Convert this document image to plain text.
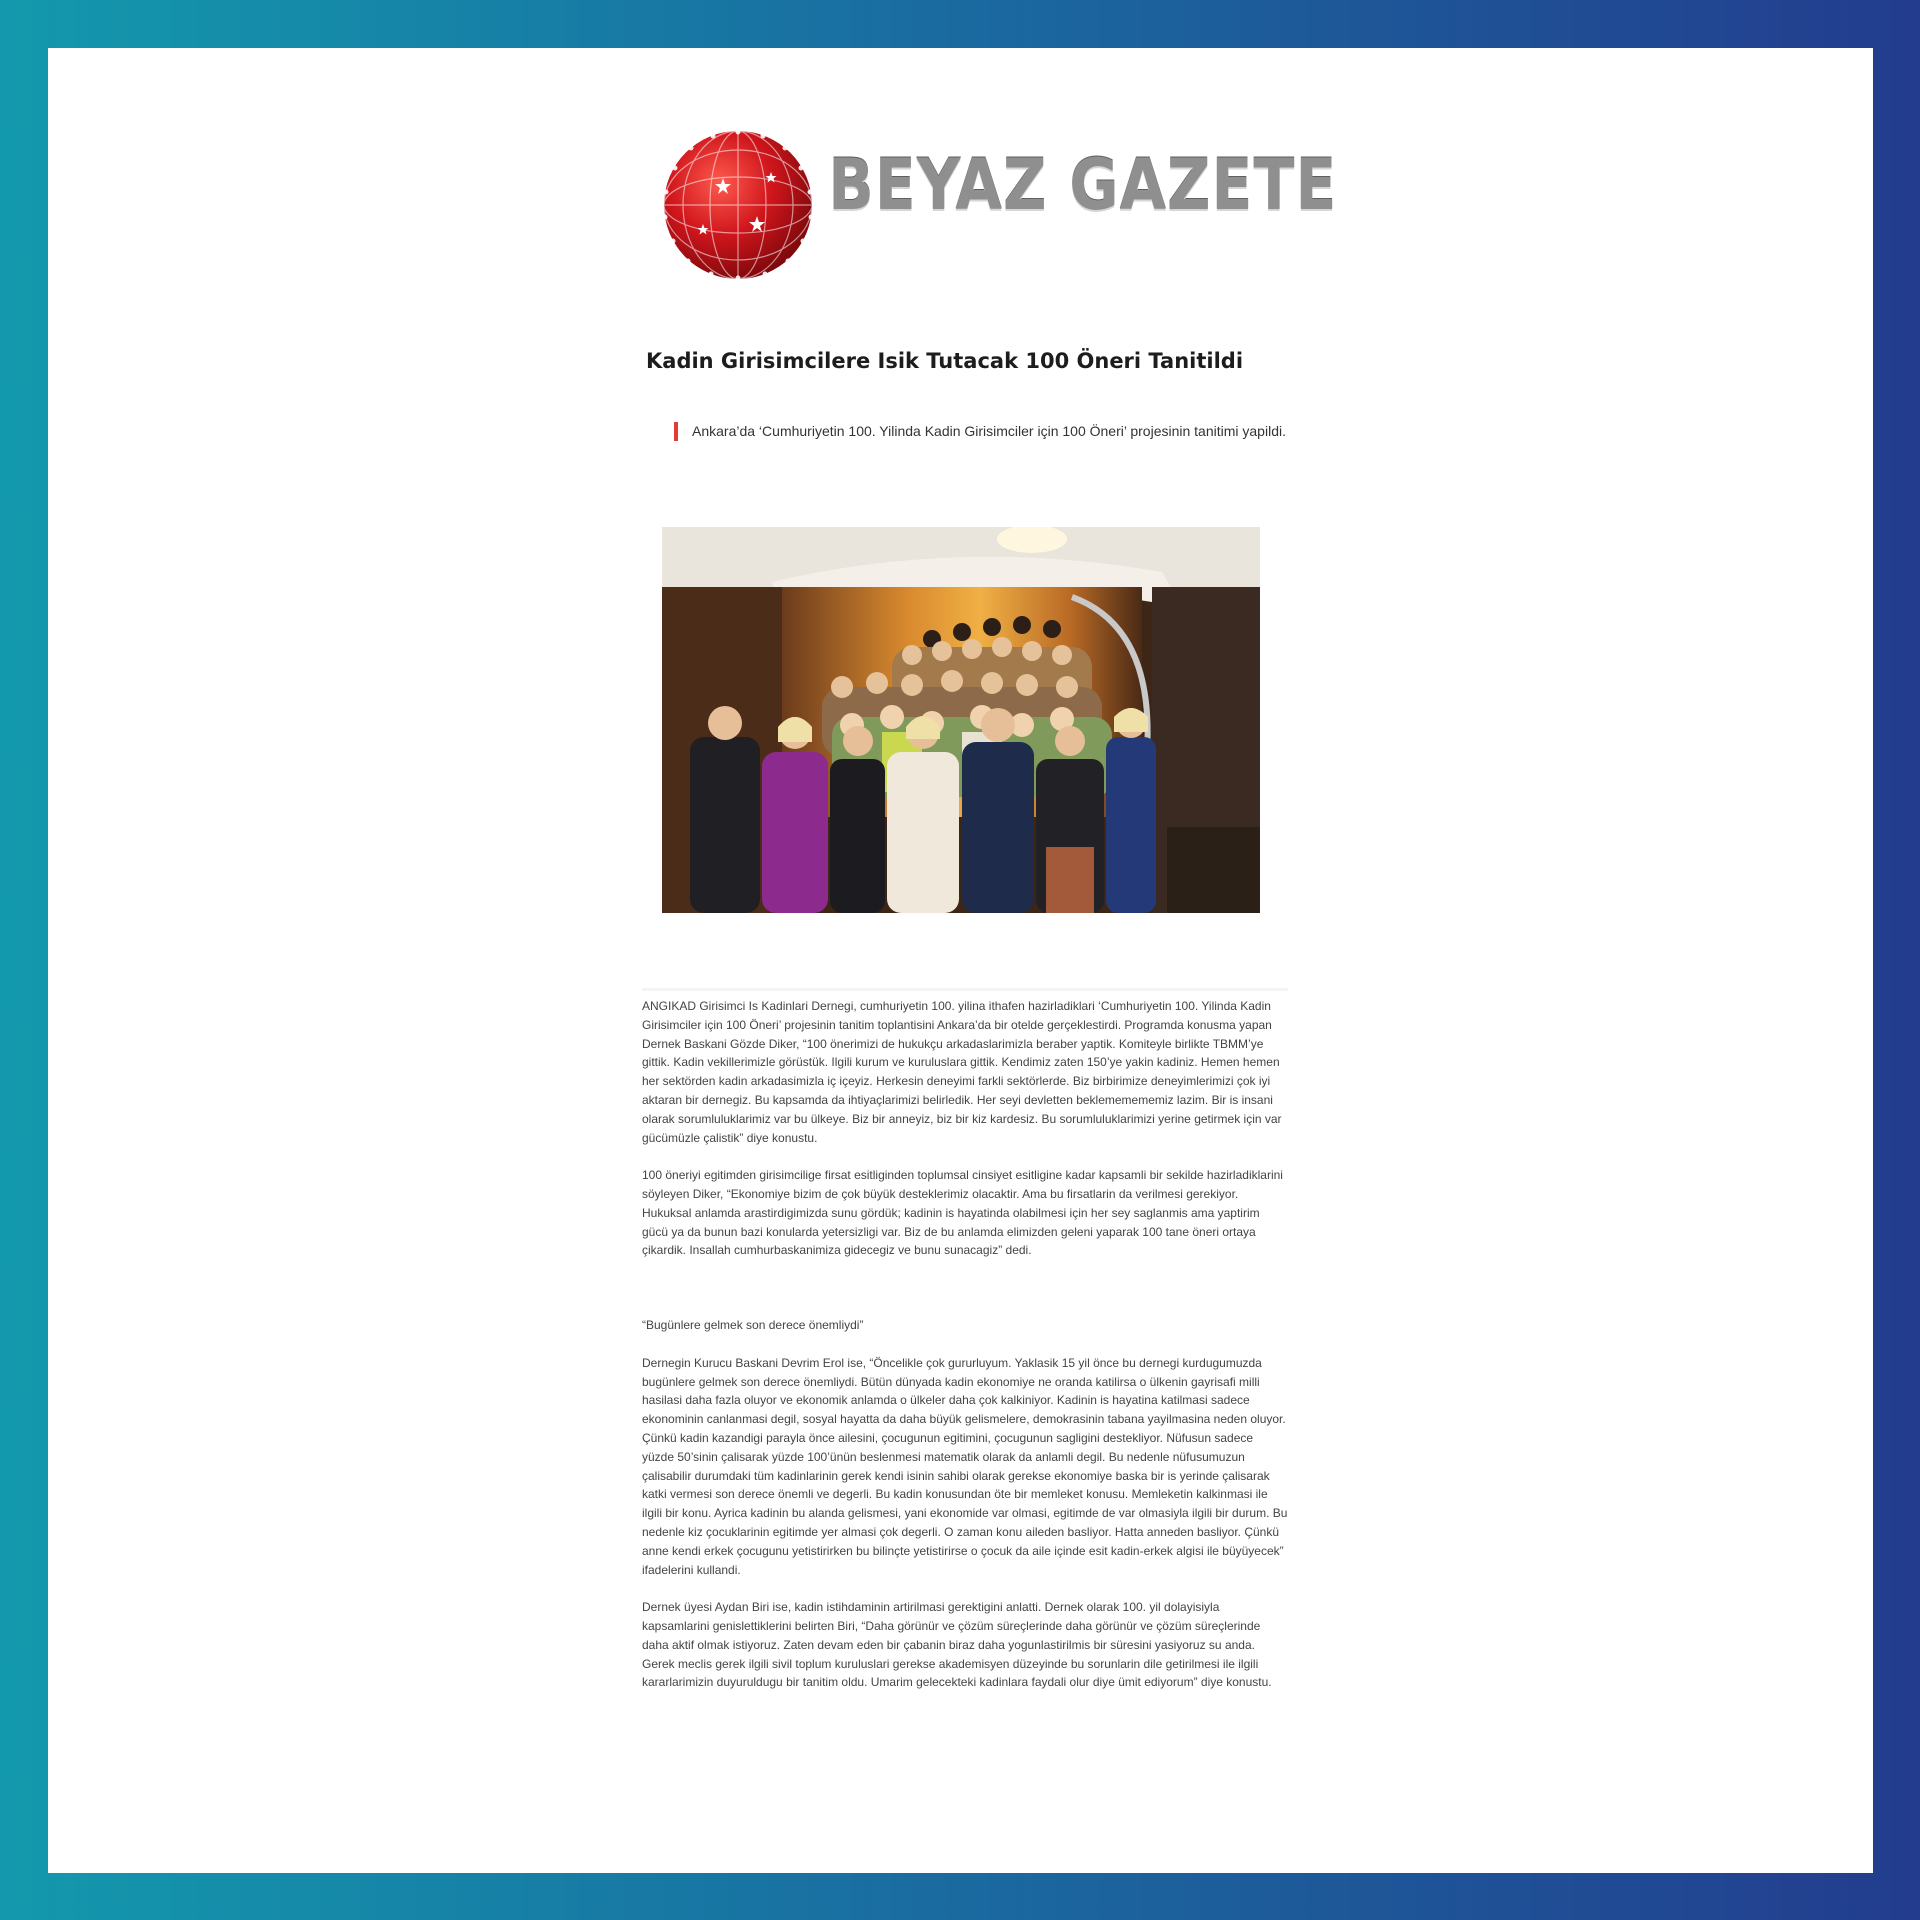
BEYAZ GAZETE
Kadin Girisimcilere Isik Tutacak 100 Öneri Tanitildi
Ankara’da ‘Cumhuriyetin 100. Yilinda Kadin Girisimciler için 100 Öneri’ projesinin tanitimi yapildi.

ANGIKAD Girisimci Is Kadinlari Dernegi, cumhuriyetin 100. yilina ithafen hazirladiklari ‘Cumhuriyetin 100. Yilinda Kadin Girisimciler için 100 Öneri’ projesinin tanitim toplantisini Ankara’da bir otelde gerçeklestirdi. Programda konusma yapan Dernek Baskani Gözde Diker, “100 önerimizi de hukukçu arkadaslarimizla beraber yaptik. Komiteyle birlikte TBMM’ye gittik. Kadin vekillerimizle görüstük. Ilgili kurum ve kuruluslara gittik. Kendimiz zaten 150’ye yakin kadiniz. Hemen hemen her sektörden kadin arkadasimizla iç içeyiz. Herkesin deneyimi farkli sektörlerde. Biz birbirimize deneyimlerimizi çok iyi aktaran bir dernegiz. Bu kapsamda da ihtiyaçlarimizi belirledik. Her seyi devletten beklememememiz lazim. Bir is insani olarak sorumluluklarimiz var bu ülkeye. Biz bir anneyiz, biz bir kiz kardesiz. Bu sorumluluklarimizi yerine getirmek için var gücümüzle çalistik” diye konustu.

100 öneriyi egitimden girisimcilige firsat esitliginden toplumsal cinsiyet esitligine kadar kapsamli bir sekilde hazirladiklarini söyleyen Diker, “Ekonomiye bizim de çok büyük desteklerimiz olacaktir. Ama bu firsatlarin da verilmesi gerekiyor. Hukuksal anlamda arastirdigimizda sunu gördük; kadinin is hayatinda olabilmesi için her sey saglanmis ama yaptirim gücü ya da bunun bazi konularda yetersizligi var. Biz de bu anlamda elimizden geleni yaparak 100 tane öneri ortaya çikardik. Insallah cumhurbaskanimiza gidecegiz ve bunu sunacagiz” dedi.

“Bugünlere gelmek son derece önemliydi”

Dernegin Kurucu Baskani Devrim Erol ise, “Öncelikle çok gururluyum. Yaklasik 15 yil önce bu dernegi kurdugumuzda bugünlere gelmek son derece önemliydi. Bütün dünyada kadin ekonomiye ne oranda katilirsa o ülkenin gayrisafi milli hasilasi daha fazla oluyor ve ekonomik anlamda o ülkeler daha çok kalkiniyor. Kadinin is hayatina katilmasi sadece ekonominin canlanmasi degil, sosyal hayatta da daha büyük gelismelere, demokrasinin tabana yayilmasina neden oluyor. Çünkü kadin kazandigi parayla önce ailesini, çocugunun egitimini, çocugunun sagligini destekliyor. Nüfusun sadece yüzde 50’sinin çalisarak yüzde 100’ünün beslenmesi matematik olarak da anlamli degil. Bu nedenle nüfusumuzun çalisabilir durumdaki tüm kadinlarinin gerek kendi isinin sahibi olarak gerekse ekonomiye baska bir is yerinde çalisarak katki vermesi son derece önemli ve degerli. Bu kadin konusundan öte bir memleket konusu. Memleketin kalkinmasi ile ilgili bir konu. Ayrica kadinin bu alanda gelismesi, yani ekonomide var olmasi, egitimde de var olmasiyla ilgili bir durum. Bu nedenle kiz çocuklarinin egitimde yer almasi çok degerli. O zaman konu aileden basliyor. Hatta anneden basliyor. Çünkü anne kendi erkek çocugunu yetistirirken bu bilinçte yetistirirse o çocuk da aile içinde esit kadin-erkek algisi ile büyüyecek” ifadelerini kullandi.

Dernek üyesi Aydan Biri ise, kadin istihdaminin artirilmasi gerektigini anlatti. Dernek olarak 100. yil dolayisiyla kapsamlarini genislettiklerini belirten Biri, “Daha görünür ve çözüm süreçlerinde daha görünür ve çözüm süreçlerinde daha aktif olmak istiyoruz. Zaten devam eden bir çabanin biraz daha yogunlastirilmis bir süresini yasiyoruz su anda. Gerek meclis gerek ilgili sivil toplum kuruluslari gerekse akademisyen düzeyinde bu sorunlarin dile getirilmesi ile ilgili kararlarimizin duyuruldugu bir tanitim oldu. Umarim gelecekteki kadinlara faydali olur diye ümit ediyorum” diye konustu.
